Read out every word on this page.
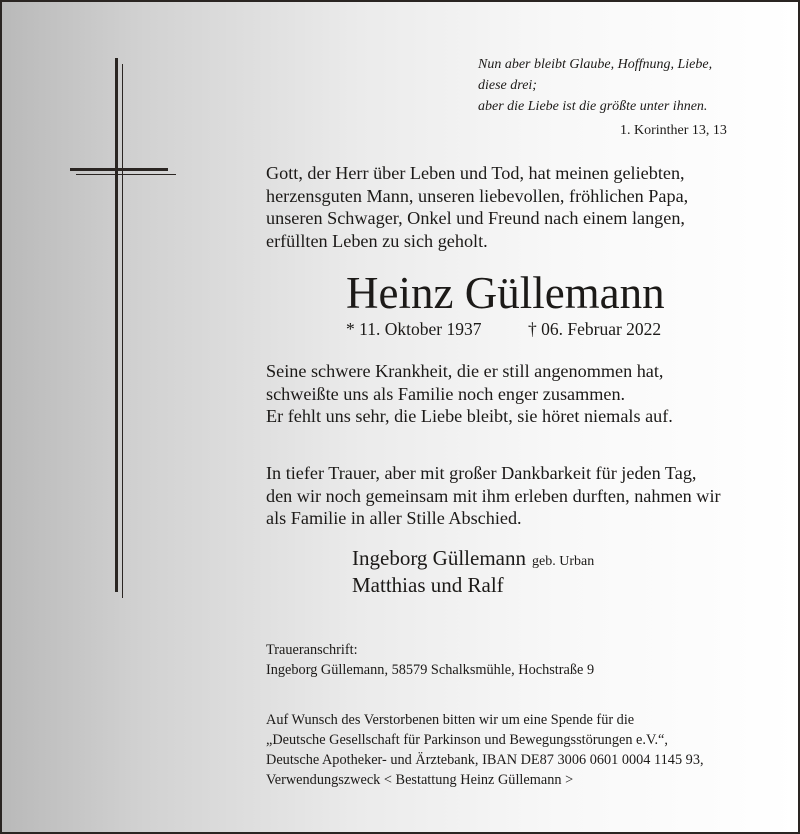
Nun aber bleibt Glaube, Hoffnung, Liebe,
diese drei;
aber die Liebe ist die größte unter ihnen.
1. Korinther 13, 13
Gott, der Herr über Leben und Tod, hat meinen geliebten,
herzensguten Mann, unseren liebevollen, fröhlichen Papa,
unseren Schwager, Onkel und Freund nach einem langen,
erfüllten Leben zu sich geholt.
Heinz Güllemann
* 11. Oktober 1937	† 06. Februar 2022
Seine schwere Krankheit, die er still angenommen hat,
schweißte uns als Familie noch enger zusammen.
Er fehlt uns sehr, die Liebe bleibt, sie höret niemals auf.
In tiefer Trauer, aber mit großer Dankbarkeit für jeden Tag,
den wir noch gemeinsam mit ihm erleben durften, nahmen wir
als Familie in aller Stille Abschied.
Ingeborg Güllemann geb. Urban
Matthias und Ralf
Traueranschrift:
Ingeborg Güllemann, 58579 Schalksmühle, Hochstraße 9
Auf Wunsch des Verstorbenen bitten wir um eine Spende für die
„Deutsche Gesellschaft für Parkinson und Bewegungsstörungen e.V.“,
Deutsche Apotheker- und Ärztebank, IBAN DE87 3006 0601 0004 1145 93,
Verwendungszweck < Bestattung Heinz Güllemann >
